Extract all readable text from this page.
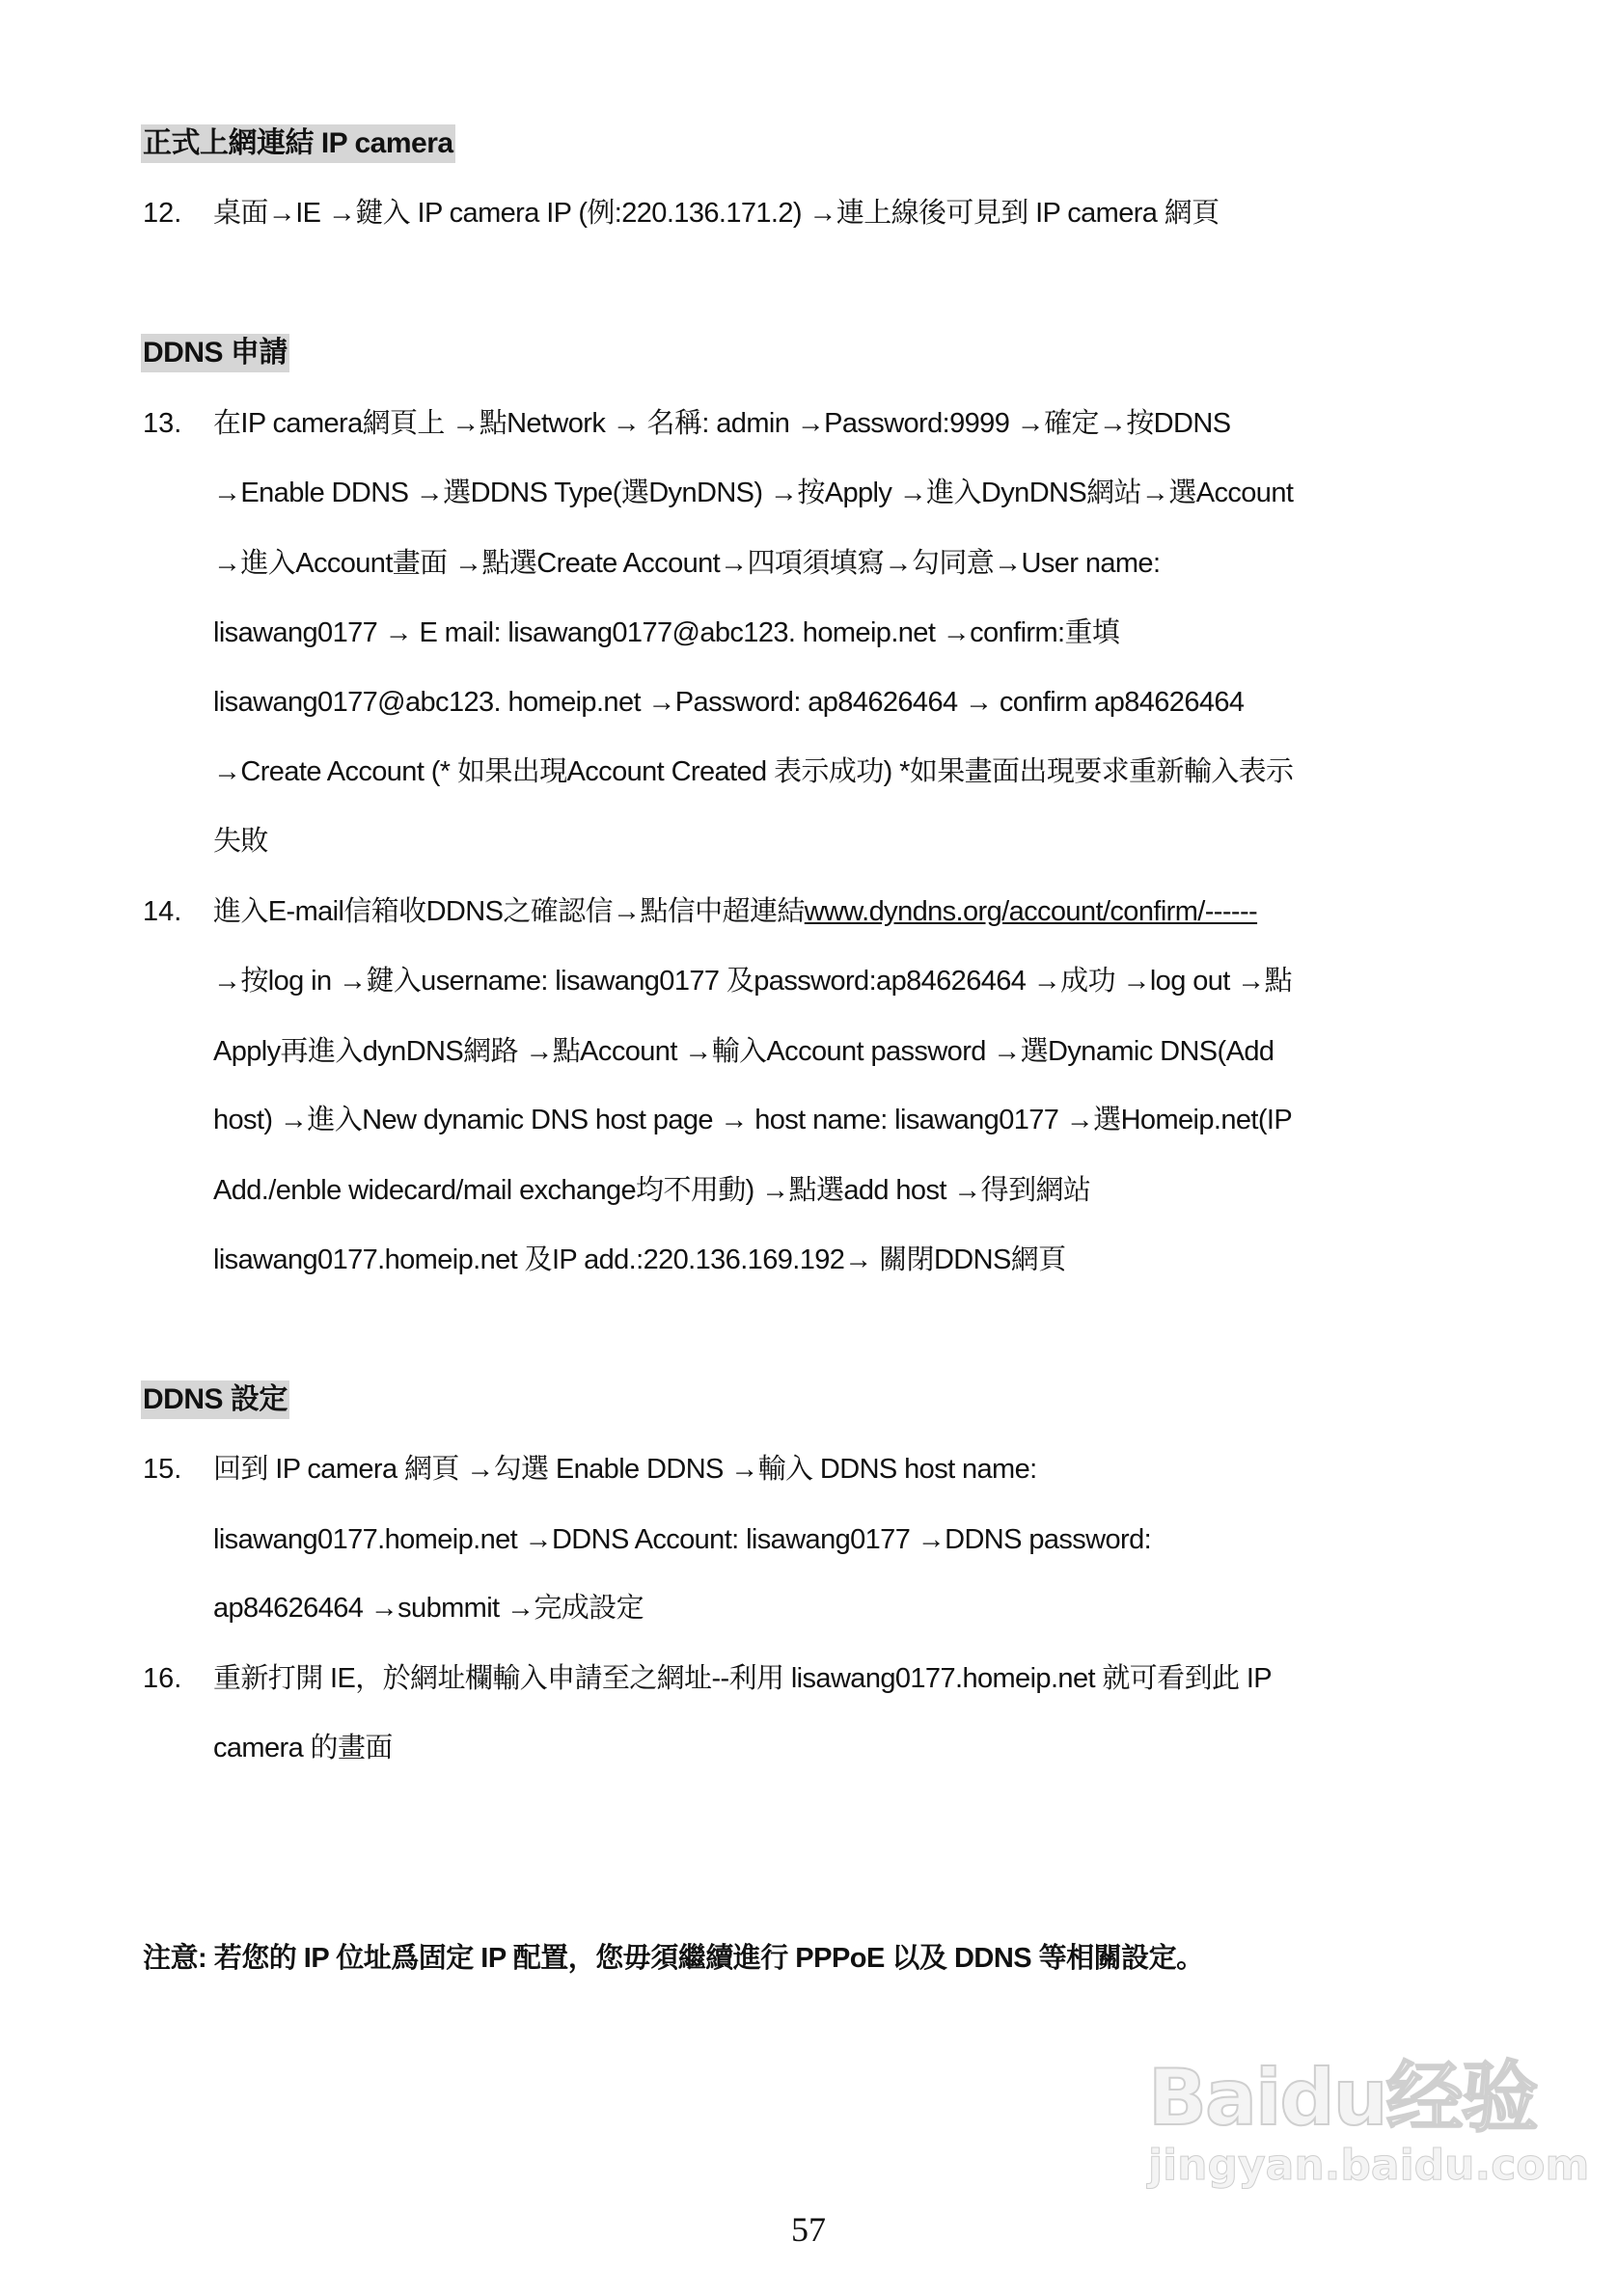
正式上網連結 IP camera
12. 桌面→IE →鍵入 IP camera IP (例:220.136.171.2) →連上線後可見到 IP camera 網頁
DDNS 申請
13. 在IP camera網頁上 →點Network → 名稱: admin →Password:9999 →確定→按DDNS
→Enable DDNS →選DDNS Type(選DynDNS) →按Apply →進入DynDNS網站→選Account
→進入Account畫面 →點選Create Account→四項須填寫→勾同意→User name:
lisawang0177 → E mail: lisawang0177@abc123. homeip.net →confirm:重填
lisawang0177@abc123. homeip.net →Password: ap84626464 → confirm ap84626464
→Create Account (* 如果出現Account Created 表示成功) *如果畫面出現要求重新輸入表示
失敗
14. 進入E-mail信箱收DDNS之確認信→點信中超連結www.dyndns.org/account/confirm/------
→按log in →鍵入username: lisawang0177 及password:ap84626464 →成功 →log out →點
Apply再進入dynDNS網路 →點Account →輸入Account password →選Dynamic DNS(Add
host) →進入New dynamic DNS host page → host name: lisawang0177 →選Homeip.net(IP
Add./enble widecard/mail exchange均不用動) →點選add host →得到網站
lisawang0177.homeip.net 及IP add.:220.136.169.192→ 關閉DDNS網頁
DDNS 設定
15. 回到 IP camera 網頁 →勾選 Enable DDNS →輸入 DDNS host name:
lisawang0177.homeip.net →DDNS Account: lisawang0177 →DDNS password:
ap84626464 →submmit →完成設定
16. 重新打開 IE，於網址欄輸入申請至之網址--利用 lisawang0177.homeip.net 就可看到此 IP
camera 的畫面
注意: 若您的 IP 位址爲固定 IP 配置，您毋須繼續進行 PPPoE 以及 DDNS 等相關設定。
Baidu经验
jingyan.baidu.com
57
